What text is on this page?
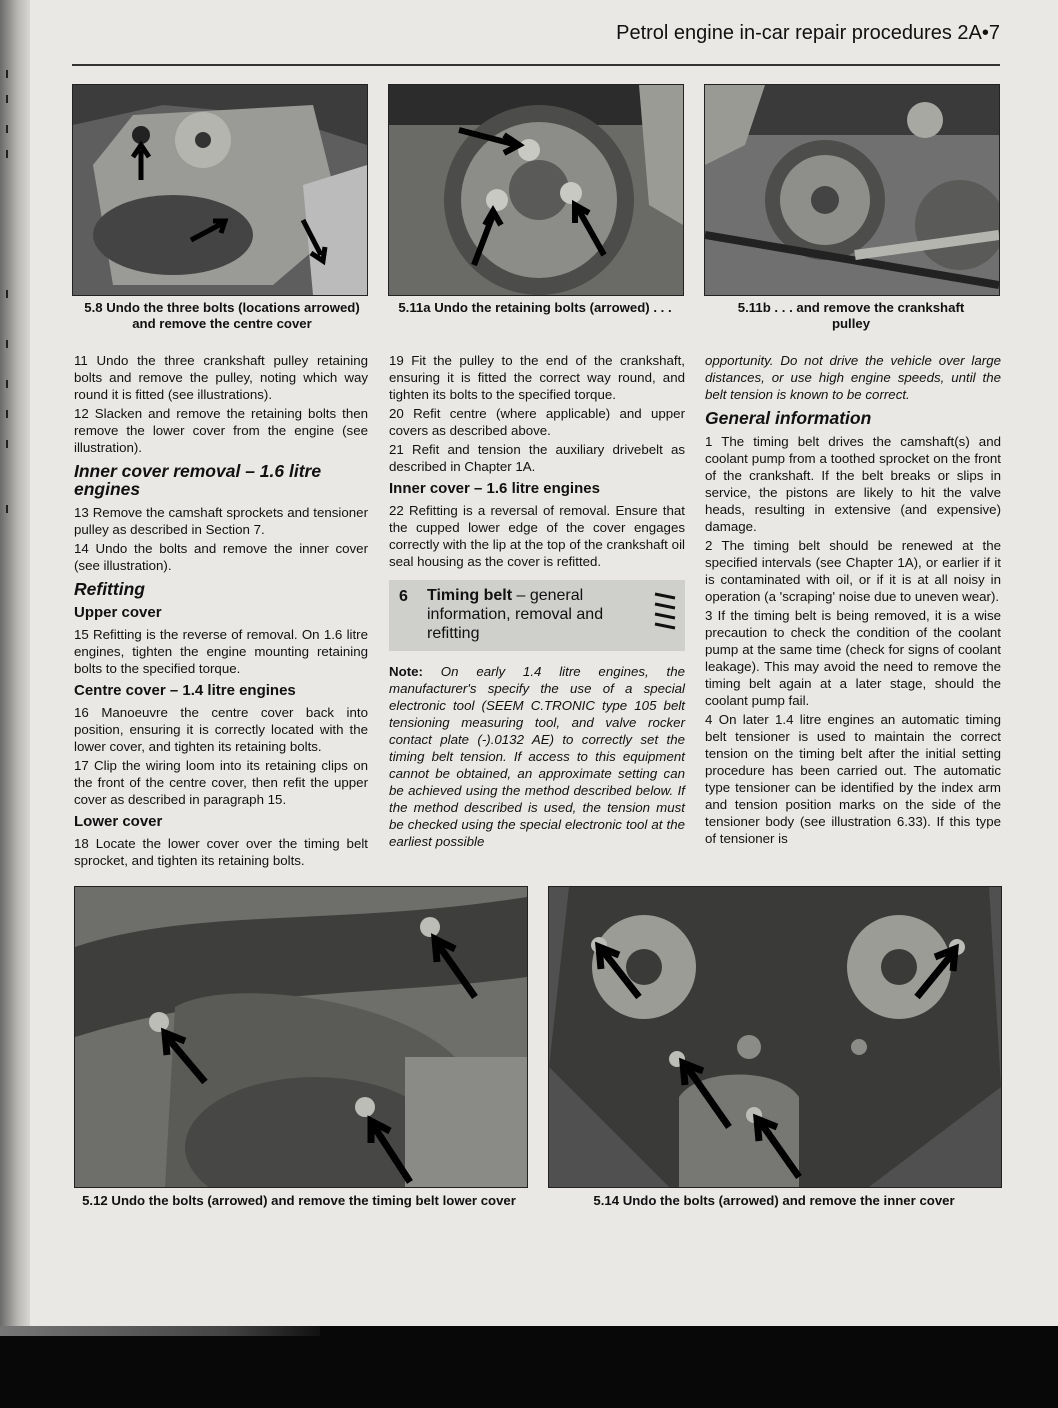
Petrol engine in-car repair procedures 2A•7
5.8 Undo the three bolts (locations arrowed) and remove the centre cover
5.11a Undo the retaining bolts (arrowed) . . .	5.11b . . . and remove the crankshaft pulley

11 Undo the three crankshaft pulley retaining bolts and remove the pulley, noting which way round it is fitted (see illustrations).

12 Slacken and remove the retaining bolts then remove the lower cover from the engine (see illustration).

Inner cover removal – 1.6 litre engines

13 Remove the camshaft sprockets and tensioner pulley as described in Section 7.

14 Undo the bolts and remove the inner cover (see illustration).

Refitting
Upper cover

15 Refitting is the reverse of removal. On 1.6 litre engines, tighten the engine mounting retaining bolts to the specified torque.

Centre cover – 1.4 litre engines

16 Manoeuvre the centre cover back into position, ensuring it is correctly located with the lower cover, and tighten its retaining bolts.

17 Clip the wiring loom into its retaining clips on the front of the centre cover, then refit the upper cover as described in paragraph 15.

Lower cover

18 Locate the lower cover over the timing belt sprocket, and tighten its retaining bolts.

19 Fit the pulley to the end of the crankshaft, ensuring it is fitted the correct way round, and tighten its bolts to the specified torque.

20 Refit centre (where applicable) and upper covers as described above.

21 Refit and tension the auxiliary drivebelt as described in Chapter 1A.

Inner cover – 1.6 litre engines

22 Refitting is a reversal of removal. Ensure that the cupped lower edge of the cover engages correctly with the lip at the top of the crankshaft oil seal housing as the cover is refitted.

6 Timing belt – general information, removal and refitting

Note: On early 1.4 litre engines, the manufacturer's specify the use of a special electronic tool (SEEM C.TRONIC type 105 belt tensioning measuring tool, and valve rocker contact plate (-).0132 AE) to correctly set the timing belt tension. If access to this equipment cannot be obtained, an approximate setting can be achieved using the method described below. If the method described is used, the tension must be checked using the special electronic tool at the earliest possible

opportunity. Do not drive the vehicle over large distances, or use high engine speeds, until the belt tension is known to be correct.

General information

1 The timing belt drives the camshaft(s) and coolant pump from a toothed sprocket on the front of the crankshaft. If the belt breaks or slips in service, the pistons are likely to hit the valve heads, resulting in extensive (and expensive) damage.

2 The timing belt should be renewed at the specified intervals (see Chapter 1A), or earlier if it is contaminated with oil, or if it is at all noisy in operation (a 'scraping' noise due to uneven wear).

3 If the timing belt is being removed, it is a wise precaution to check the condition of the coolant pump at the same time (check for signs of coolant leakage). This may avoid the need to remove the timing belt again at a later stage, should the coolant pump fail.

4 On later 1.4 litre engines an automatic timing belt tensioner is used to maintain the correct tension on the timing belt after the initial setting procedure has been carried out. The automatic type tensioner can be identified by the index arm and tension position marks on the side of the tensioner body (see illustration 6.33). If this type of tensioner is

5.12 Undo the bolts (arrowed) and remove the timing belt lower cover	5.14 Undo the bolts (arrowed) and remove the inner cover
